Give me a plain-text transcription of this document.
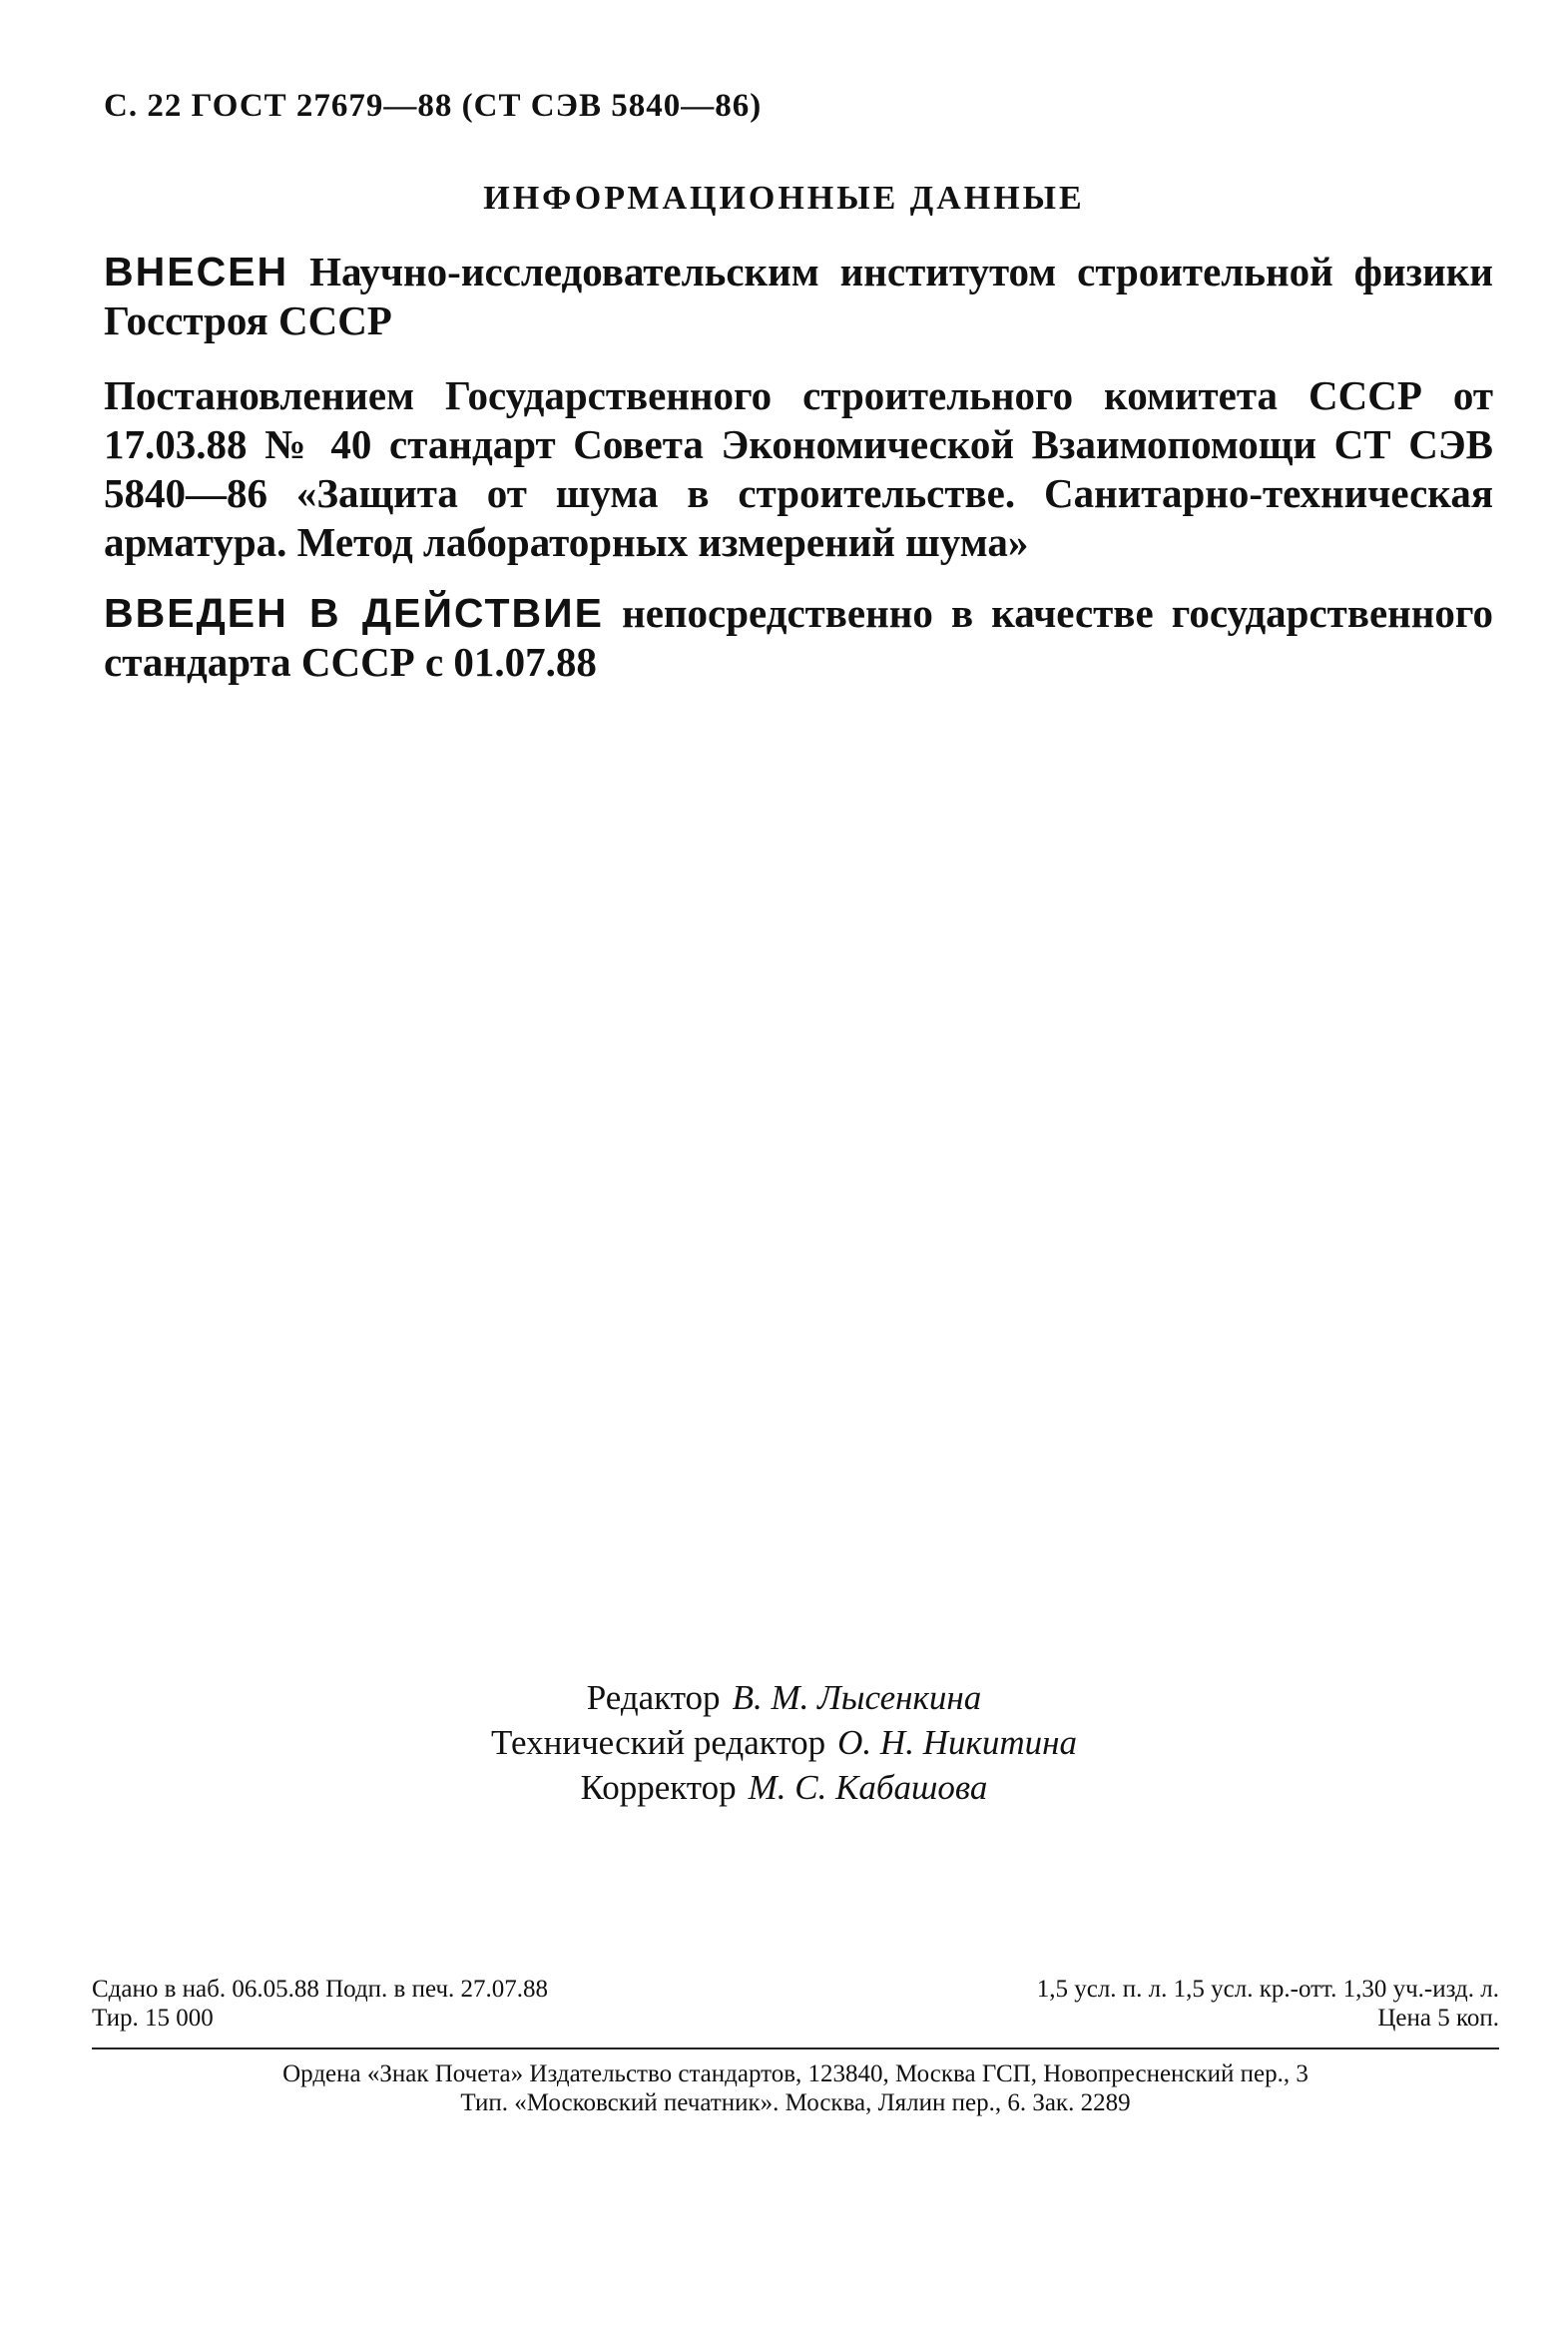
С. 22 ГОСТ 27679—88 (СТ СЭВ 5840—86)
ИНФОРМАЦИОННЫЕ ДАННЫЕ
ВНЕСЕН Научно-исследовательским институтом строительной физики Госстроя СССР
Постановлением Государственного строительного комитета СССР от 17.03.88 № 40 стандарт Совета Экономической Взаимопомощи СТ СЭВ 5840—86 «Защита от шума в строительстве. Санитарно-техническая арматура. Метод лабораторных измерений шума»
ВВЕДЕН В ДЕЙСТВИЕ непосредственно в качестве государственного стандарта СССР с 01.07.88
Редактор В. М. Лысенкина
Технический редактор О. Н. Никитина
Корректор М. С. Кабашова
Сдано в наб. 06.05.88 Подп. в печ. 27.07.88	1,5 усл. п. л. 1,5 усл. кр.-отт. 1,30 уч.-изд. л.
Тир. 15 000	Цена 5 коп.
Ордена «Знак Почета» Издательство стандартов, 123840, Москва ГСП, Новопресненский пер., 3
Тип. «Московский печатник». Москва, Лялин пер., 6. Зак. 2289
